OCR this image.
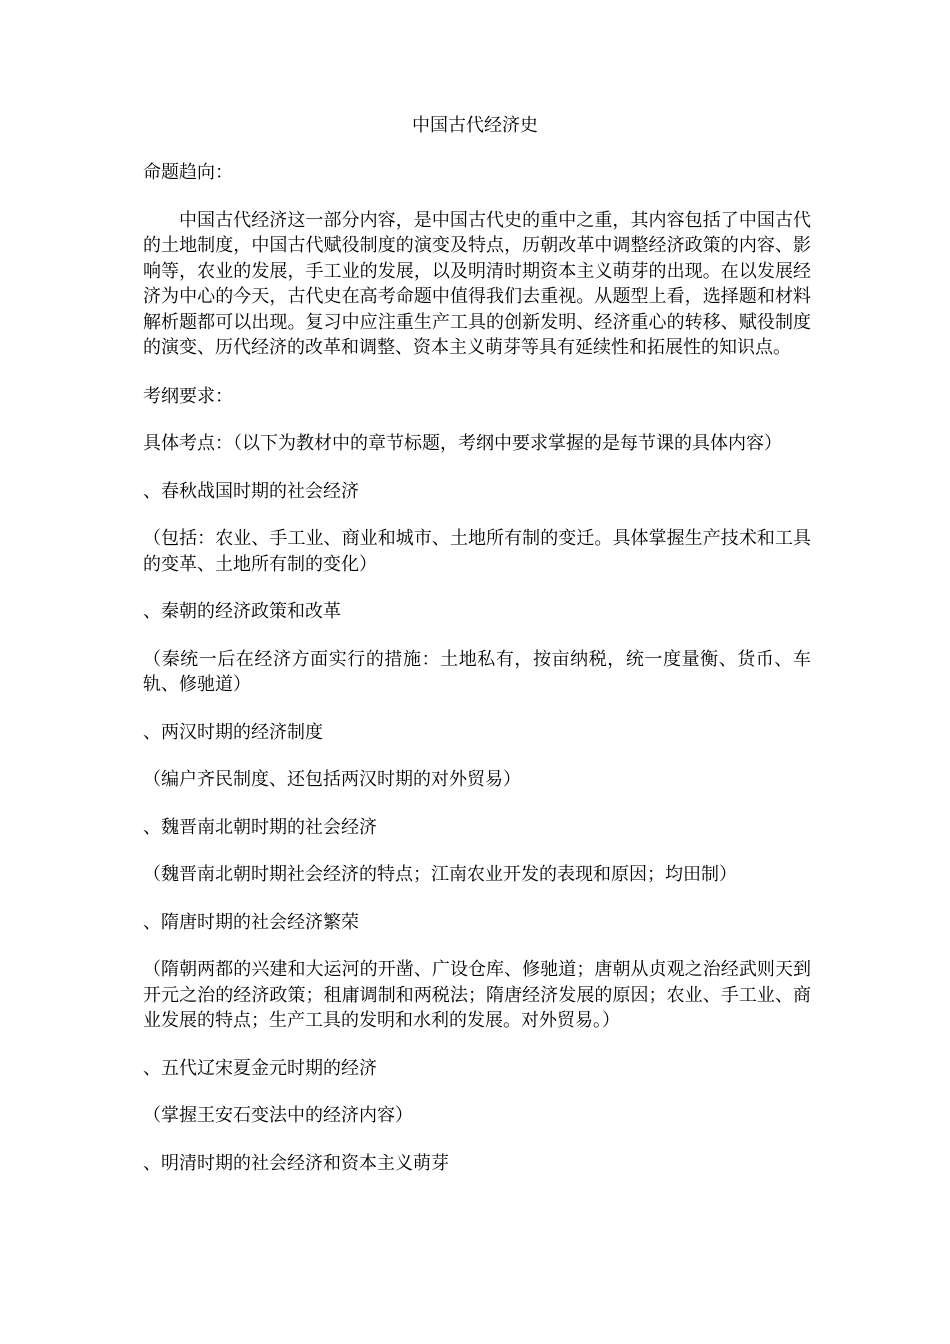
中国古代经济史

命题趋向：

中国古代经济这一部分内容，是中国古代史的重中之重，其内容包括了中国古代的土地制度，中国古代赋役制度的演变及特点，历朝改革中调整经济政策的内容、影响等，农业的发展，手工业的发展，以及明清时期资本主义萌芽的出现。在以发展经济为中心的今天，古代史在高考命题中值得我们去重视。从题型上看，选择题和材料解析题都可以出现。复习中应注重生产工具的创新发明、经济重心的转移、赋役制度的演变、历代经济的改革和调整、资本主义萌芽等具有延续性和拓展性的知识点。

考纲要求：

具体考点：（以下为教材中的章节标题，考纲中要求掌握的是每节课的具体内容）

、春秋战国时期的社会经济

（包括：农业、手工业、商业和城市、土地所有制的变迁。具体掌握生产技术和工具的变革、土地所有制的变化）

、秦朝的经济政策和改革

（秦统一后在经济方面实行的措施：土地私有，按亩纳税，统一度量衡、货币、车轨、修驰道）

、两汉时期的经济制度

（编户齐民制度、还包括两汉时期的对外贸易）

、魏晋南北朝时期的社会经济

（魏晋南北朝时期社会经济的特点；江南农业开发的表现和原因；均田制）

、隋唐时期的社会经济繁荣

（隋朝两都的兴建和大运河的开凿、广设仓库、修驰道；唐朝从贞观之治经武则天到开元之治的经济政策；租庸调制和两税法；隋唐经济发展的原因；农业、手工业、商业发展的特点；生产工具的发明和水利的发展。对外贸易。）

、五代辽宋夏金元时期的经济

（掌握王安石变法中的经济内容）

、明清时期的社会经济和资本主义萌芽
